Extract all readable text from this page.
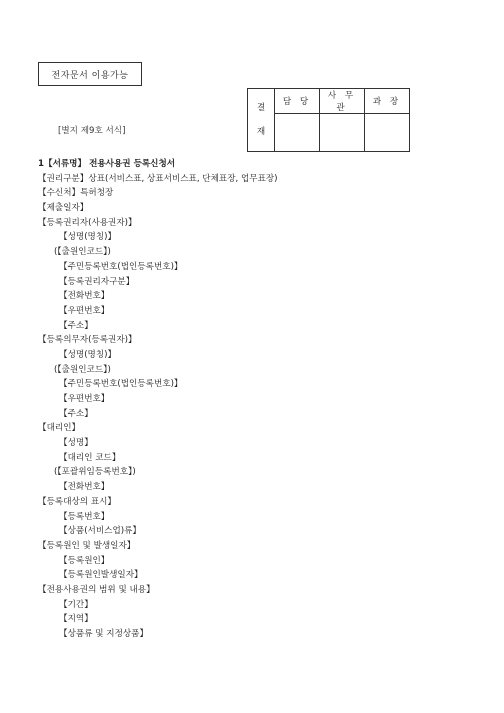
전자문서 이용가능
[별지 제9호 서식]
결
재	담 당	사 무 관	과 장

1【서류명】 전용사용권 등록신청서
【권리구분】상표(서비스표, 상표서비스표, 단체표장, 업무표장)
【수신처】특허청장
【제출일자】
【등록권리자(사용권자)】
【성명(명칭)】
(【출원인코드】)
【주민등록번호(법인등록번호)】
【등록권리자구분】
【전화번호】
【우편번호】
【주소】
【등록의무자(등록권자)】
【성명(명칭)】
(【출원인코드】)
【주민등록번호(법인등록번호)】
【우편번호】
【주소】
【대리인】
【성명】
【대리인 코드】
(【포괄위임등록번호】)
【전화번호】
【등록대상의 표시】
【등록번호】
【상품(서비스업)류】
【등록원인 및 발생일자】
【등록원인】
【등록원인발생일자】
【전용사용권의 범위 및 내용】
【기간】
【지역】
【상품류 및 지정상품】
